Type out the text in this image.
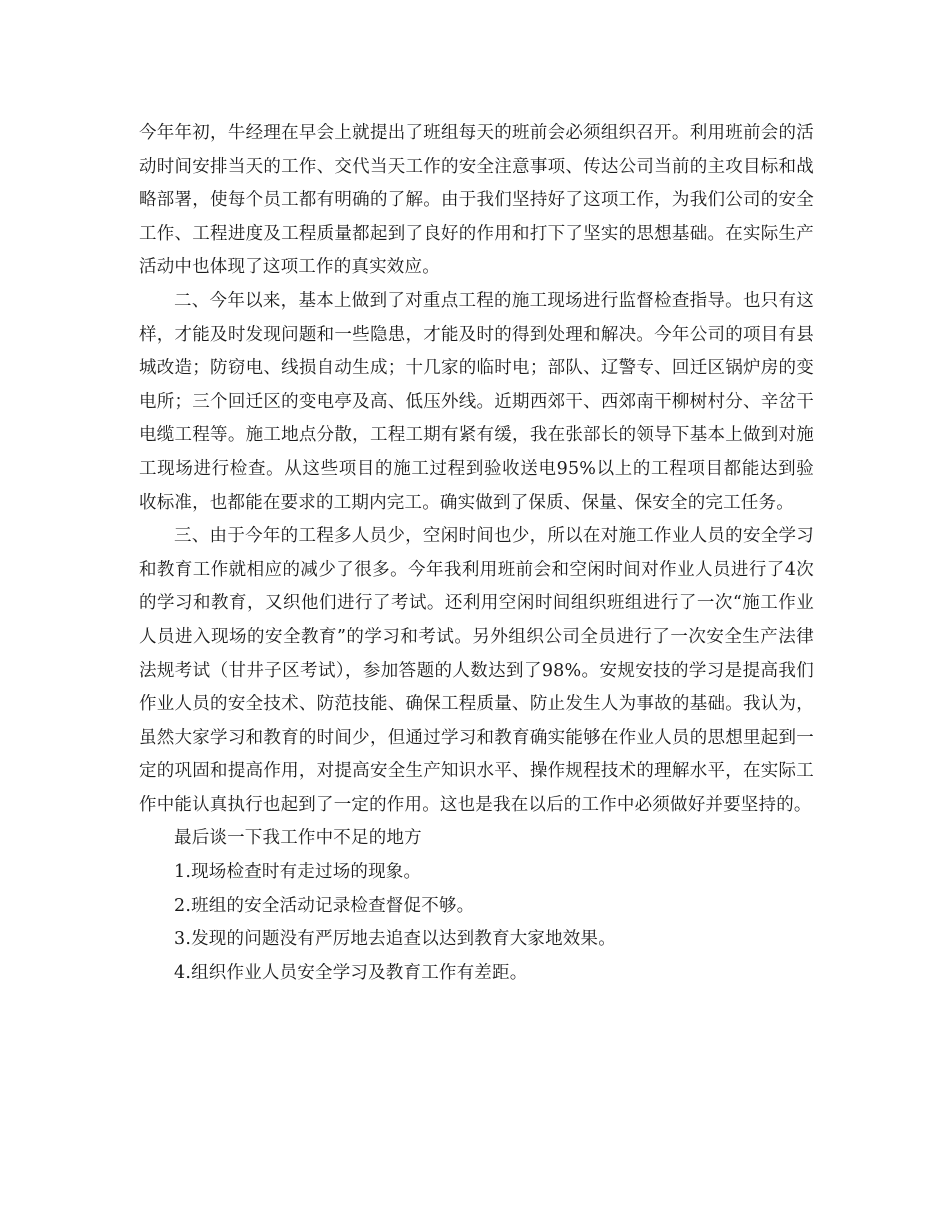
今年年初，牛经理在早会上就提出了班组每天的班前会必须组织召开。利用班前会的活动时间安排当天的工作、交代当天工作的安全注意事项、传达公司当前的主攻目标和战略部署，使每个员工都有明确的了解。由于我们坚持好了这项工作，为我们公司的安全工作、工程进度及工程质量都起到了良好的作用和打下了坚实的思想基础。在实际生产活动中也体现了这项工作的真实效应。

二、今年以来，基本上做到了对重点工程的施工现场进行监督检查指导。也只有这样，才能及时发现问题和一些隐患，才能及时的得到处理和解决。今年公司的项目有县城改造；防窃电、线损自动生成；十几家的临时电；部队、辽警专、回迁区锅炉房的变电所；三个回迁区的变电亭及高、低压外线。近期西郊干、西郊南干柳树村分、辛岔干电缆工程等。施工地点分散，工程工期有紧有缓，我在张部长的领导下基本上做到对施工现场进行检查。从这些项目的施工过程到验收送电95%以上的工程项目都能达到验收标准，也都能在要求的工期内完工。确实做到了保质、保量、保安全的完工任务。

三、由于今年的工程多人员少，空闲时间也少，所以在对施工作业人员的安全学习和教育工作就相应的减少了很多。今年我利用班前会和空闲时间对作业人员进行了4次的学习和教育，又织他们进行了考试。还利用空闲时间组织班组进行了一次“施工作业人员进入现场的安全教育”的学习和考试。另外组织公司全员进行了一次安全生产法律法规考试（甘井子区考试），参加答题的人数达到了98%。安规安技的学习是提高我们作业人员的安全技术、防范技能、确保工程质量、防止发生人为事故的基础。我认为，虽然大家学习和教育的时间少，但通过学习和教育确实能够在作业人员的思想里起到一定的巩固和提高作用，对提高安全生产知识水平、操作规程技术的理解水平，在实际工作中能认真执行也起到了一定的作用。这也是我在以后的工作中必须做好并要坚持的。

最后谈一下我工作中不足的地方

1.现场检查时有走过场的现象。

2.班组的安全活动记录检查督促不够。

3.发现的问题没有严厉地去追查以达到教育大家地效果。

4.组织作业人员安全学习及教育工作有差距。
